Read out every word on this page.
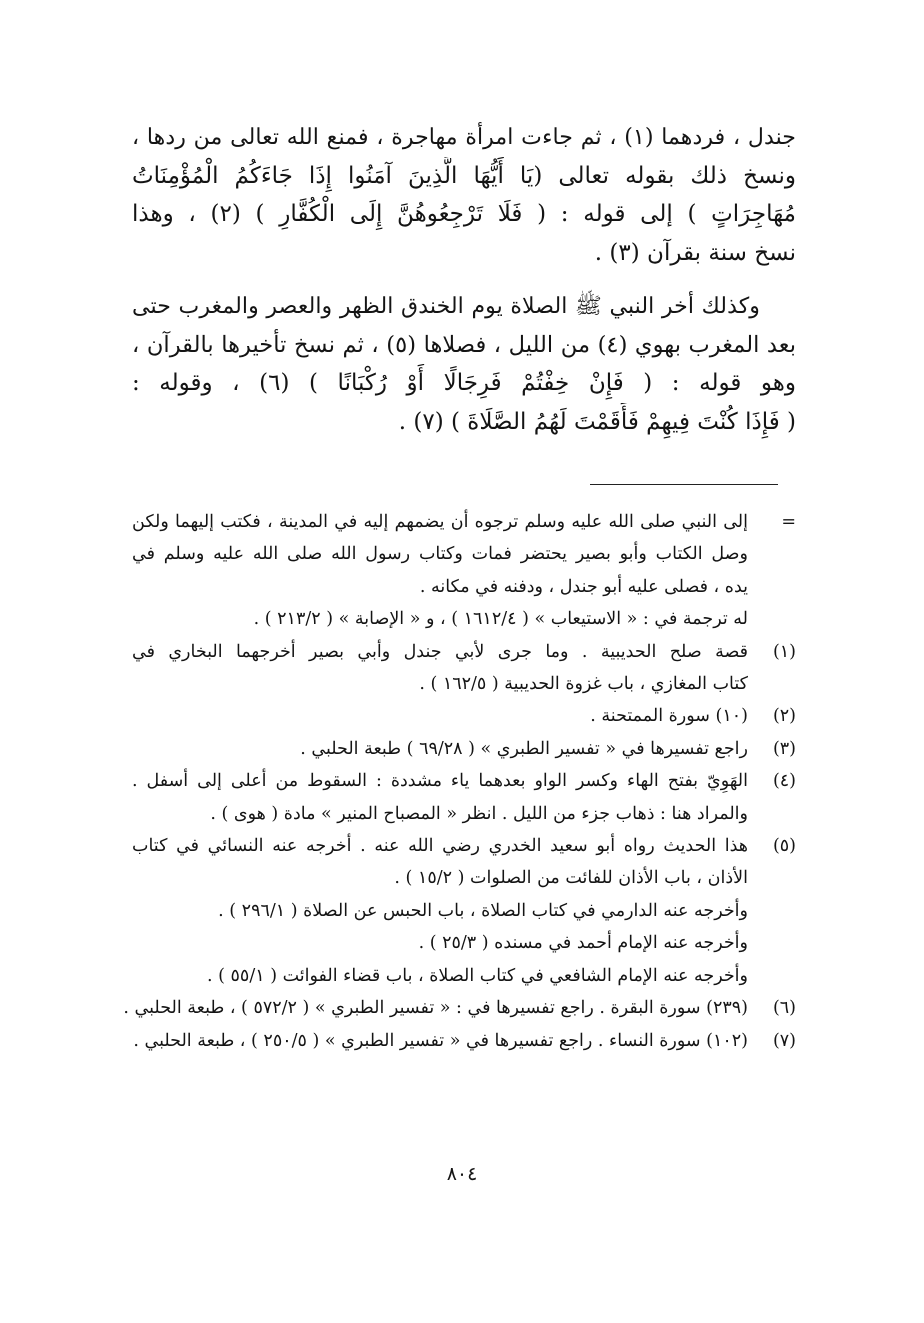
جندل ، فردهما (١) ، ثم جاءت امرأة مهاجرة ، فمنع الله تعالى من ردها ،
ونسخ ذلك بقوله تعالى (يَا أَيُّهَا الَّذِينَ آمَنُوا إِذَا جَاءَكُمُ الْمُؤْمِنَاتُ
مُهَاجِرَاتٍ ) إلى قوله : ( فَلَا تَرْجِعُوهُنَّ إِلَى الْكُفَّارِ ) (٢) ، وهذا
نسخ سنة بقرآن (٣) .

وكذلك أخر النبي ﷺ الصلاة يوم الخندق الظهر والعصر والمغرب حتى
بعد المغرب بهوي (٤) من الليل ، فصلاها (٥) ، ثم نسخ تأخيرها بالقرآن ،
وهو قوله : ( فَإِنْ خِفْتُمْ فَرِجَالًا أَوْ رُكْبَانًا ) (٦) ، وقوله :
( فَإِذَا كُنْتَ فِيهِمْ فَأَقَمْتَ لَهُمُ الصَّلَاةَ ) (٧) .

=
إلى النبي صلى الله عليه وسلم ترجوه أن يضمهم إليه في المدينة ، فكتب إليهما ولكن
وصل الكتاب وأبو بصير يحتضر فمات وكتاب رسول الله صلى الله عليه وسلم في
يده ، فصلى عليه أبو جندل ، ودفنه في مكانه .
له ترجمة في : « الاستيعاب » ( ١٦١٢/٤ ) ، و « الإصابة » ( ٢١٣/٢ ) .
(١)
قصة صلح الحديبية . وما جرى لأبي جندل وأبي بصير أخرجهما البخاري في
كتاب المغازي ، باب غزوة الحديبية ( ١٦٢/٥ ) .
(٢)
(١٠) سورة الممتحنة .
(٣)
راجع تفسيرها في « تفسير الطبري » ( ٦٩/٢٨ ) طبعة الحلبي .
(٤)
الهَوِيّ بفتح الهاء وكسر الواو بعدهما ياء مشددة : السقوط من أعلى إلى أسفل .
والمراد هنا : ذهاب جزء من الليل . انظر « المصباح المنير » مادة ( هوى ) .
(٥)
هذا الحديث رواه أبو سعيد الخدري رضي الله عنه . أخرجه عنه النسائي في كتاب
الأذان ، باب الأذان للفائت من الصلوات ( ١٥/٢ ) .
وأخرجه عنه الدارمي في كتاب الصلاة ، باب الحبس عن الصلاة ( ٢٩٦/١ ) .
وأخرجه عنه الإمام أحمد في مسنده ( ٢٥/٣ ) .
وأخرجه عنه الإمام الشافعي في كتاب الصلاة ، باب قضاء الفوائت ( ٥٥/١ ) .
(٦)
(٢٣٩) سورة البقرة . راجع تفسيرها في : « تفسير الطبري » ( ٥٧٢/٢ ) ، طبعة الحلبي .
(٧)
(١٠٢) سورة النساء . راجع تفسيرها في « تفسير الطبري » ( ٢٥٠/٥ ) ، طبعة الحلبي .
٨٠٤
